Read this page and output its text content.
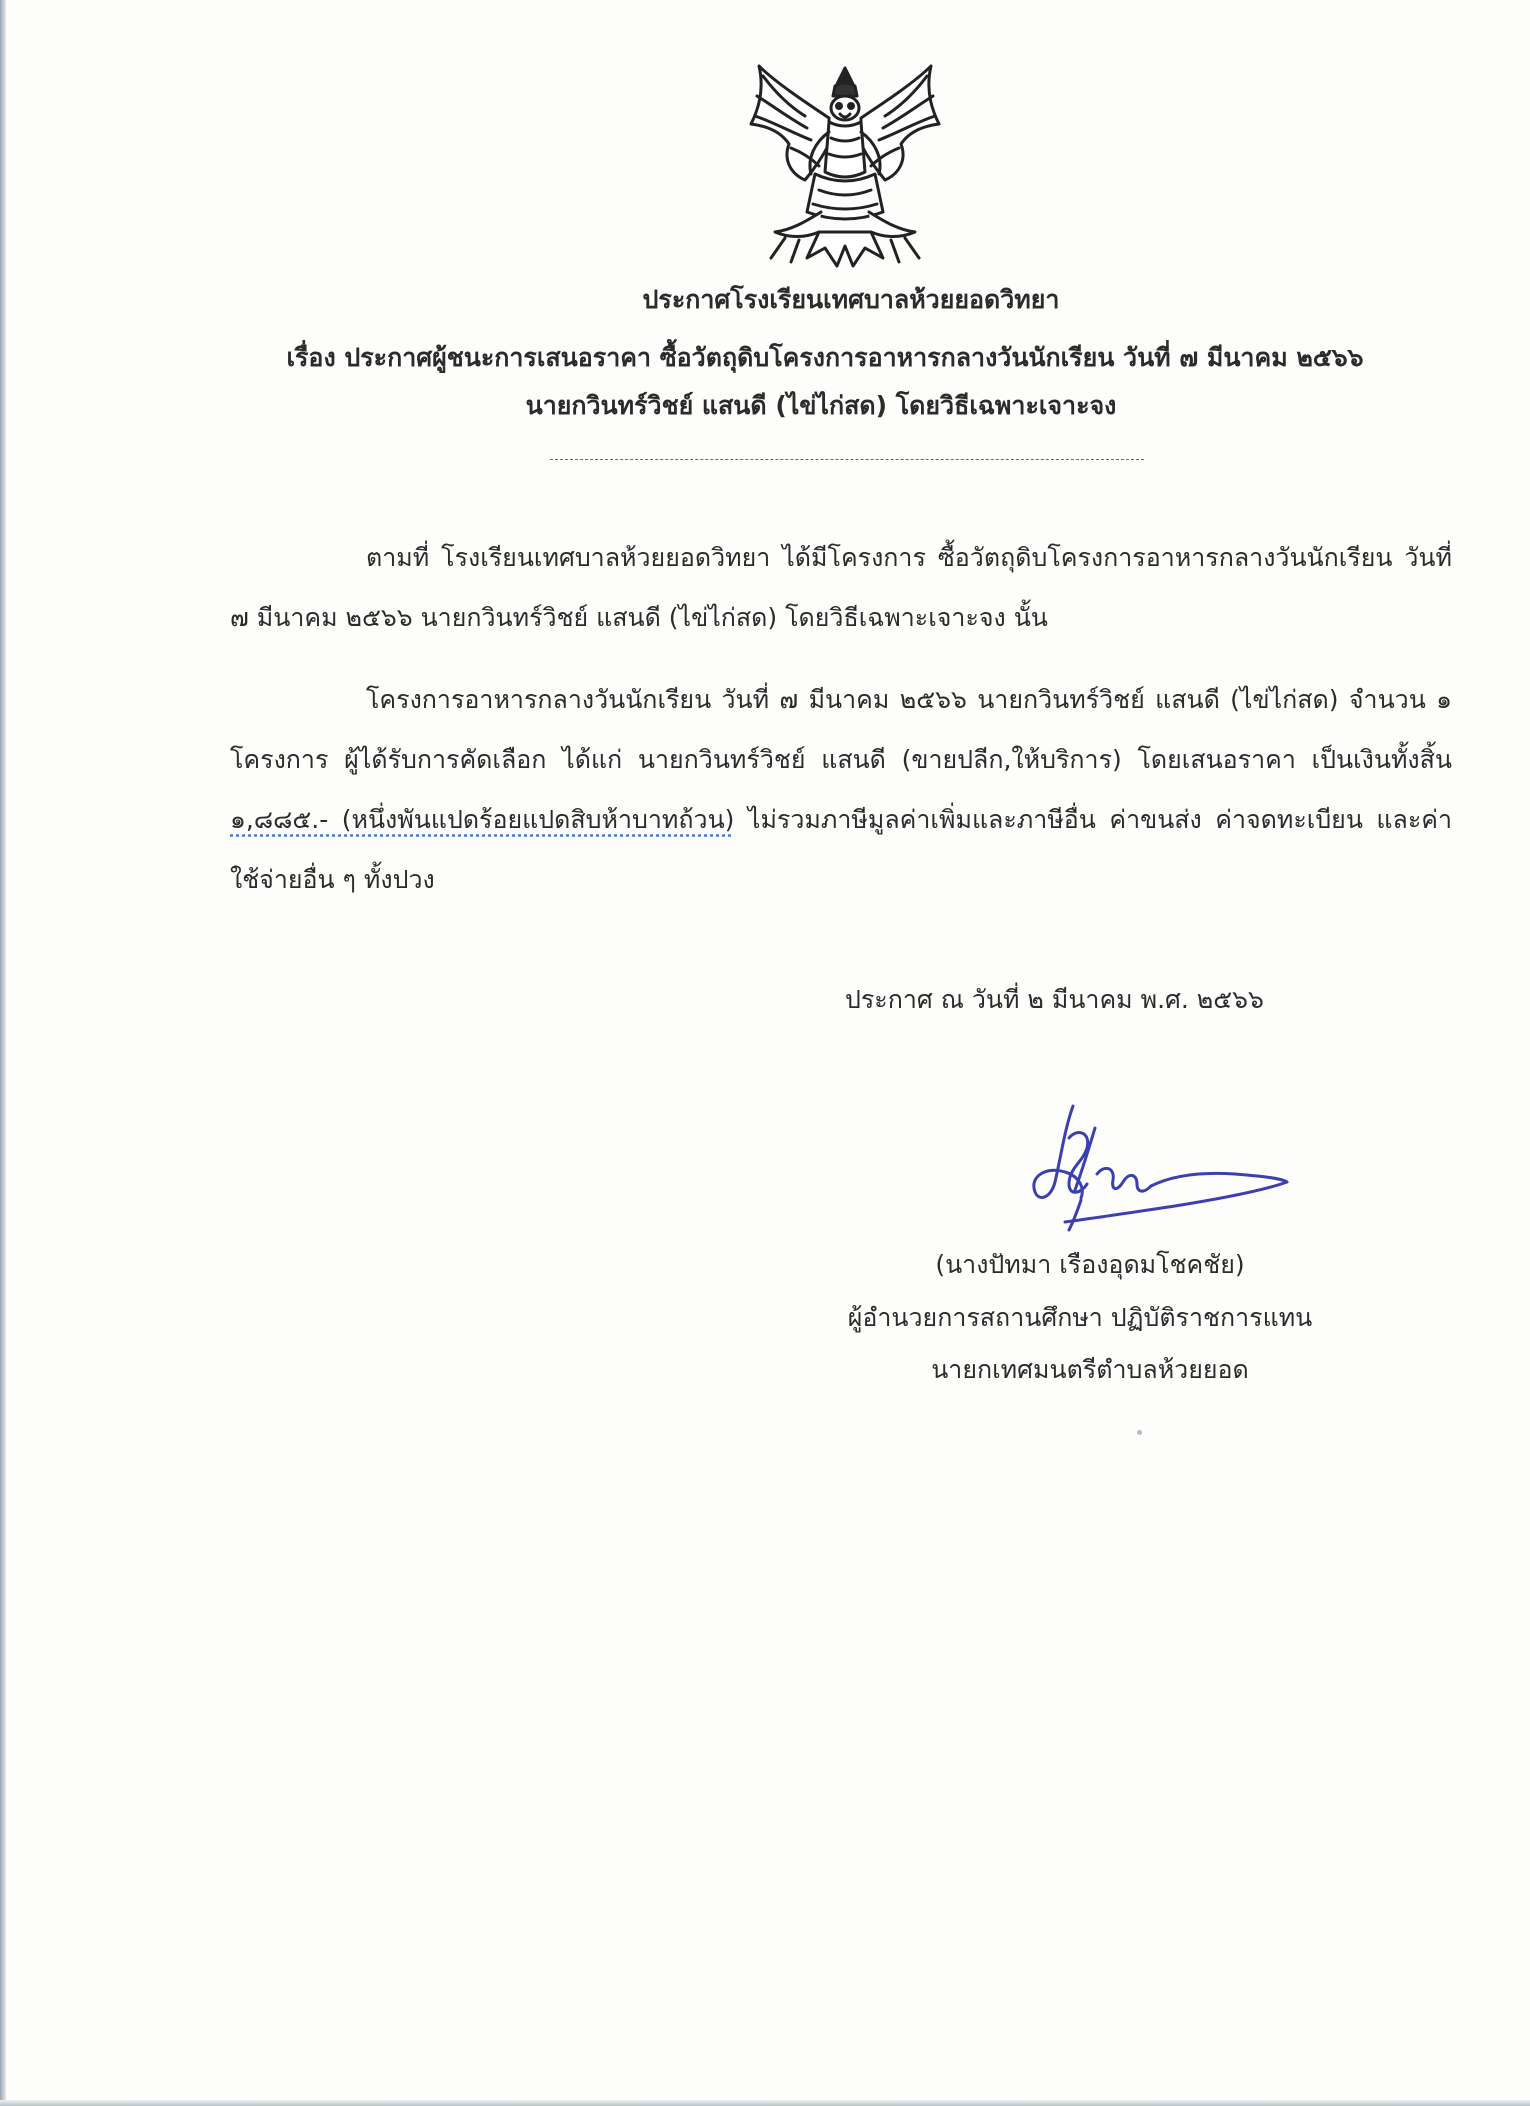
ประกาศโรงเรียนเทศบาลห้วยยอดวิทยา
เรื่อง ประกาศผู้ชนะการเสนอราคา ซื้อวัตถุดิบโครงการอาหารกลางวันนักเรียน วันที่ ๗ มีนาคม ๒๕๖๖
นายกวินทร์วิชย์ แสนดี (ไข่ไก่สด) โดยวิธีเฉพาะเจาะจง
ตามที่ โรงเรียนเทศบาลห้วยยอดวิทยา ได้มีโครงการ ซื้อวัตถุดิบโครงการอาหารกลางวันนักเรียน วันที่ ๗ มีนาคม ๒๕๖๖ นายกวินทร์วิชย์ แสนดี (ไข่ไก่สด) โดยวิธีเฉพาะเจาะจง นั้น
โครงการอาหารกลางวันนักเรียน วันที่ ๗ มีนาคม ๒๕๖๖ นายกวินทร์วิชย์ แสนดี (ไข่ไก่สด) จำนวน ๑ โครงการ ผู้ได้รับการคัดเลือก ได้แก่ นายกวินทร์วิชย์ แสนดี (ขายปลีก,ให้บริการ) โดยเสนอราคา เป็นเงินทั้งสิ้น ๑,๘๘๕.- (หนึ่งพันแปดร้อยแปดสิบห้าบาทถ้วน) ไม่รวมภาษีมูลค่าเพิ่มและภาษีอื่น ค่าขนส่ง ค่าจดทะเบียน และค่าใช้จ่ายอื่น ๆ ทั้งปวง
ประกาศ ณ วันที่ ๒ มีนาคม พ.ศ. ๒๕๖๖
(นางปัทมา เรืองอุดมโชคชัย)
ผู้อำนวยการสถานศึกษา ปฏิบัติราชการแทน
นายกเทศมนตรีตำบลห้วยยอด
